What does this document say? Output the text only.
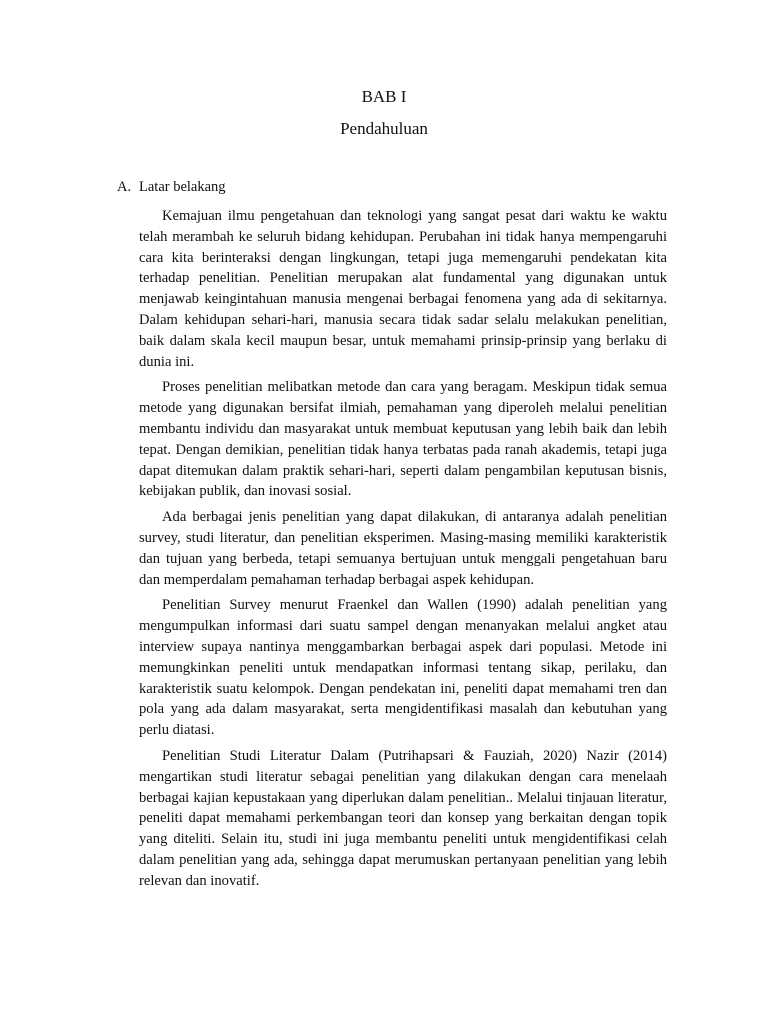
BAB I
Pendahuluan
A. Latar belakang

Kemajuan ilmu pengetahuan dan teknologi yang sangat pesat dari waktu ke waktu telah merambah ke seluruh bidang kehidupan. Perubahan ini tidak hanya mempengaruhi cara kita berinteraksi dengan lingkungan, tetapi juga memengaruhi pendekatan kita terhadap penelitian. Penelitian merupakan alat fundamental yang digunakan untuk menjawab keingintahuan manusia mengenai berbagai fenomena yang ada di sekitarnya. Dalam kehidupan sehari-hari, manusia secara tidak sadar selalu melakukan penelitian, baik dalam skala kecil maupun besar, untuk memahami prinsip-prinsip yang berlaku di dunia ini.

Proses penelitian melibatkan metode dan cara yang beragam. Meskipun tidak semua metode yang digunakan bersifat ilmiah, pemahaman yang diperoleh melalui penelitian membantu individu dan masyarakat untuk membuat keputusan yang lebih baik dan lebih tepat. Dengan demikian, penelitian tidak hanya terbatas pada ranah akademis, tetapi juga dapat ditemukan dalam praktik sehari-hari, seperti dalam pengambilan keputusan bisnis, kebijakan publik, dan inovasi sosial.

Ada berbagai jenis penelitian yang dapat dilakukan, di antaranya adalah penelitian survey, studi literatur, dan penelitian eksperimen. Masing-masing memiliki karakteristik dan tujuan yang berbeda, tetapi semuanya bertujuan untuk menggali pengetahuan baru dan memperdalam pemahaman terhadap berbagai aspek kehidupan.

Penelitian Survey menurut Fraenkel dan Wallen (1990) adalah penelitian yang mengumpulkan informasi dari suatu sampel dengan menanyakan melalui angket atau interview supaya nantinya menggambarkan berbagai aspek dari populasi. Metode ini memungkinkan peneliti untuk mendapatkan informasi tentang sikap, perilaku, dan karakteristik suatu kelompok. Dengan pendekatan ini, peneliti dapat memahami tren dan pola yang ada dalam masyarakat, serta mengidentifikasi masalah dan kebutuhan yang perlu diatasi.

Penelitian Studi Literatur Dalam (Putrihapsari & Fauziah, 2020) Nazir (2014) mengartikan studi literatur sebagai penelitian yang dilakukan dengan cara menelaah berbagai kajian kepustakaan yang diperlukan dalam penelitian.. Melalui tinjauan literatur, peneliti dapat memahami perkembangan teori dan konsep yang berkaitan dengan topik yang diteliti. Selain itu, studi ini juga membantu peneliti untuk mengidentifikasi celah dalam penelitian yang ada, sehingga dapat merumuskan pertanyaan penelitian yang lebih relevan dan inovatif.
